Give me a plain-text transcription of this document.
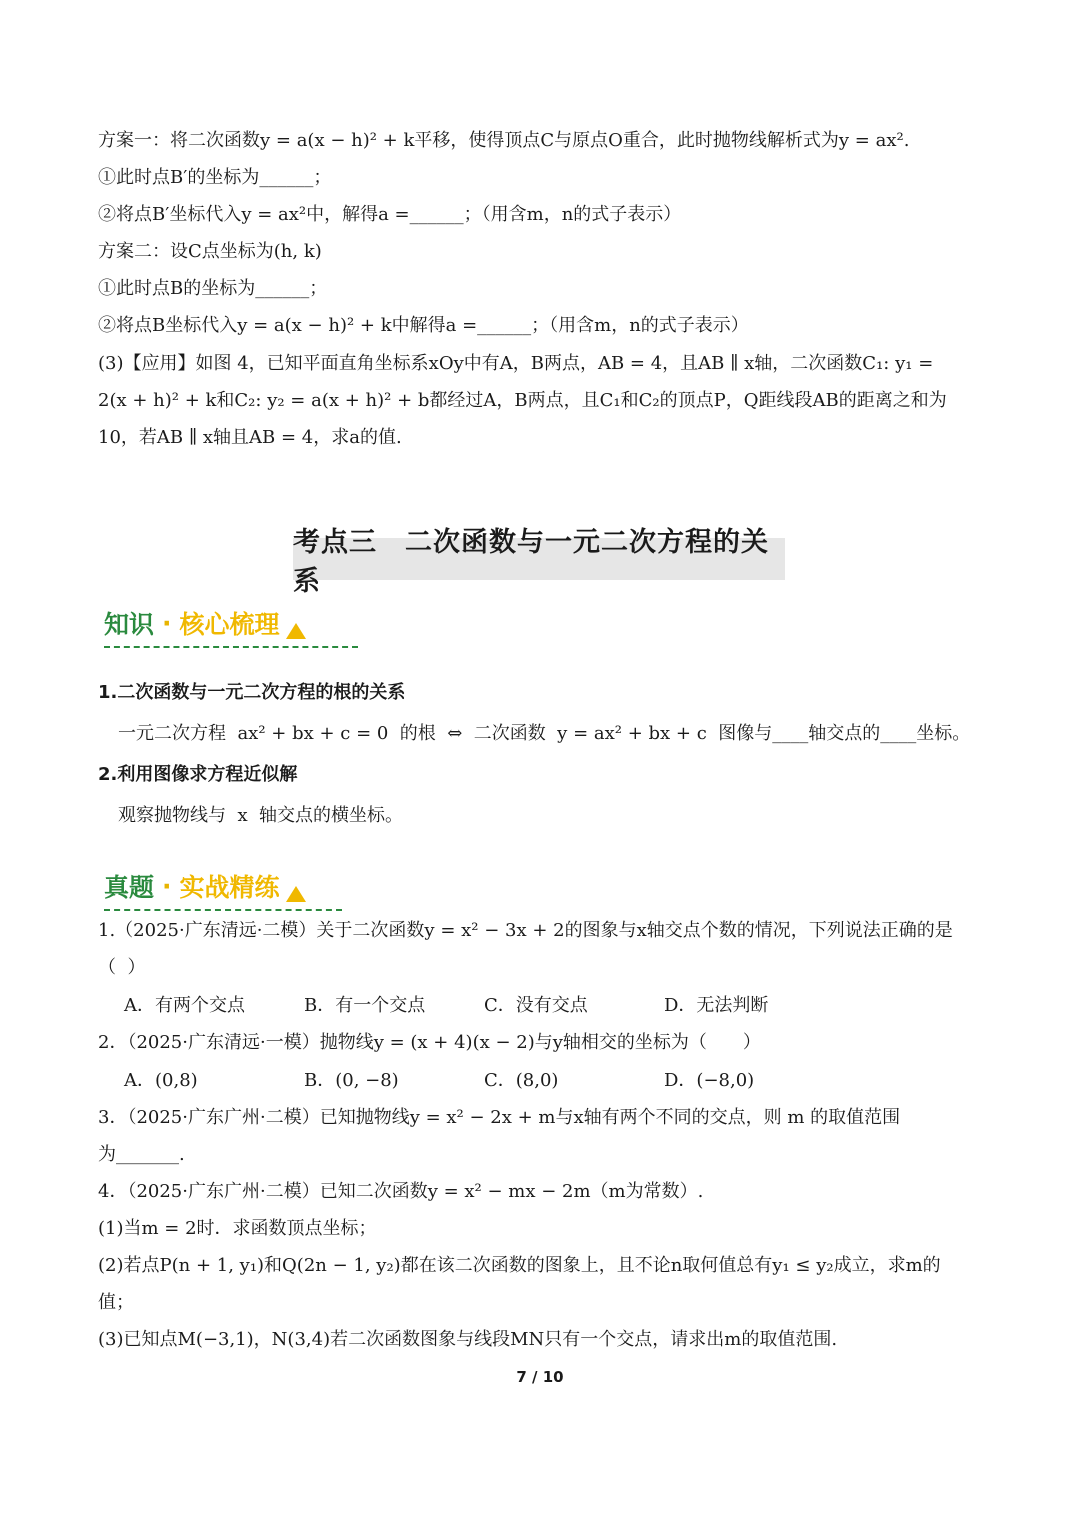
方案一：将二次函数y = a(x − h)² + k平移，使得顶点C与原点O重合，此时抛物线解析式为y = ax².
①此时点B′的坐标为______；
②将点B′坐标代入y = ax²中，解得a =______；（用含m，n的式子表示）
方案二：设C点坐标为(h, k)
①此时点B的坐标为______；
②将点B坐标代入y = a(x − h)² + k中解得a =______；（用含m，n的式子表示）
(3)【应用】如图 4，已知平面直角坐标系xOy中有A，B两点，AB = 4，且AB ∥ x轴，二次函数C₁: y₁ =
2(x + h)² + k和C₂: y₂ = a(x + h)² + b都经过A，B两点，且C₁和C₂的顶点P，Q距线段AB的距离之和为
10，若AB ∥ x轴且AB = 4，求a的值.
考点三　二次函数与一元二次方程的关系
知识 · 核心梳理
1.二次函数与一元二次方程的根的关系
一元二次方程  ax² + bx + c = 0  的根  ⇔  二次函数  y = ax² + bx + c  图像与____轴交点的____坐标。
2.利用图像求方程近似解
观察抛物线与  x  轴交点的横坐标。
真题 · 实战精练
1.（2025·广东清远·二模）关于二次函数y = x² − 3x + 2的图象与x轴交点个数的情况，下列说法正确的是
（  ）
A．有两个交点	B．有一个交点	C．没有交点	D．无法判断
2．（2025·广东清远·一模）抛物线y = (x + 4)(x − 2)与y轴相交的坐标为（　　）
A．(0,8)	B．(0, −8)	C．(8,0)	D．(−8,0)
3．（2025·广东广州·二模）已知抛物线y = x² − 2x + m与x轴有两个不同的交点，则 m 的取值范围
为_______.
4．（2025·广东广州·二模）已知二次函数y = x² − mx − 2m（m为常数）.
(1)当m = 2时．求函数顶点坐标；
(2)若点P(n + 1, y₁)和Q(2n − 1, y₂)都在该二次函数的图象上，且不论n取何值总有y₁ ≤ y₂成立，求m的
值；
(3)已知点M(−3,1)，N(3,4)若二次函数图象与线段MN只有一个交点，请求出m的取值范围.
7 / 10
